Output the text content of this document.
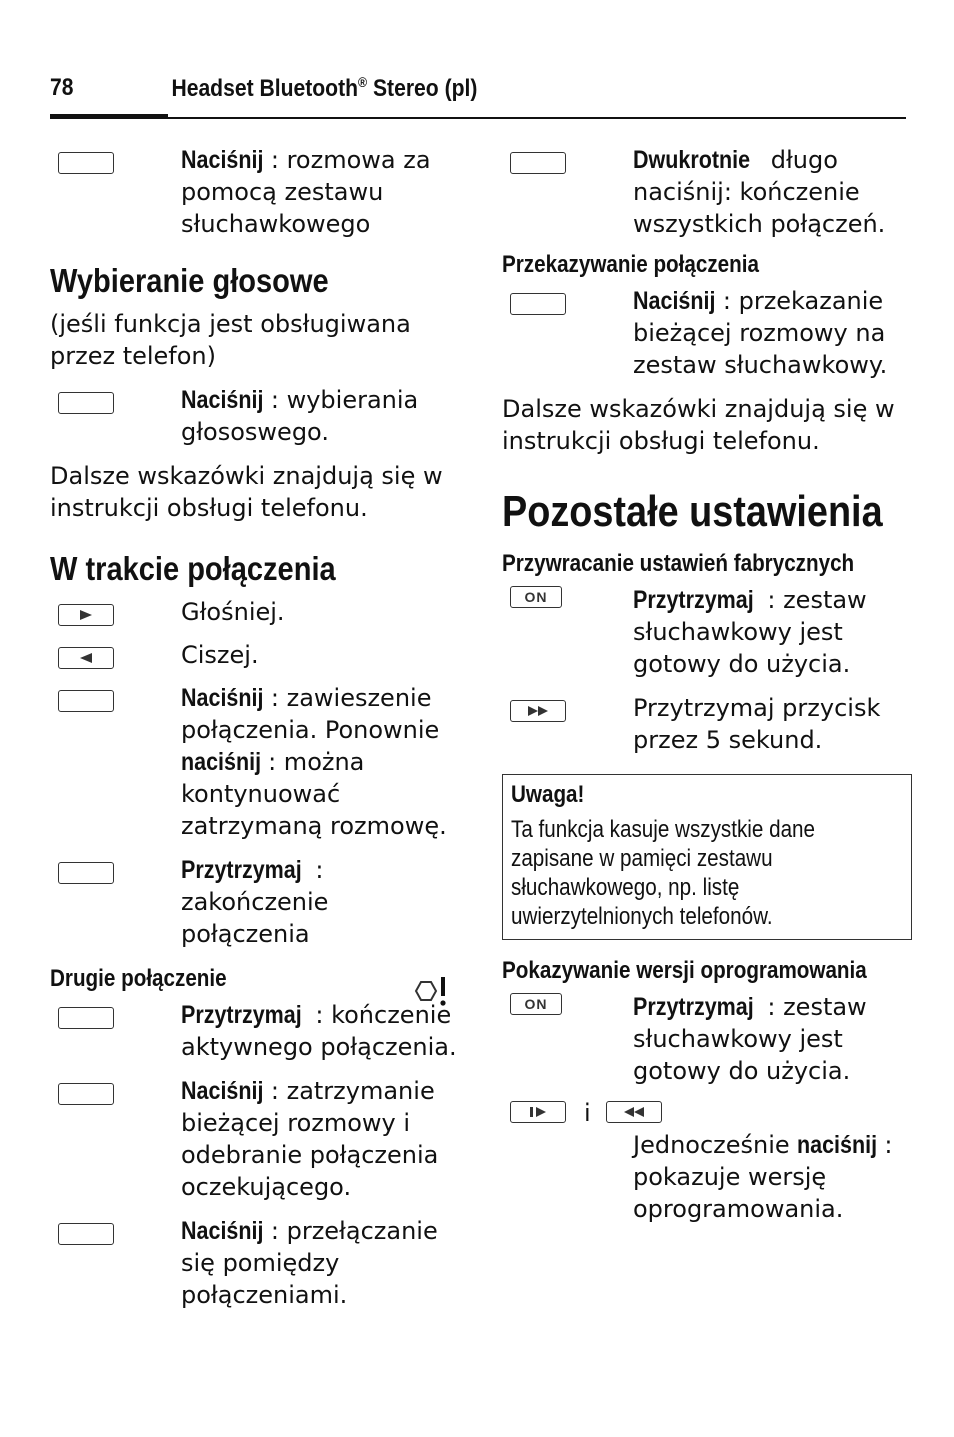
78	Headset Bluetooth® Stereo (pl)
Naciśnij : rozmowa za pomocą zestawu słuchawkowego
Wybieranie głosowe

(jeśli funkcja jest obsługiwana przez telefon)

Naciśnij : wybierania głososwego.

Dalsze wskazówki znajdują się w instrukcji obsługi telefonu.

W trakcie połączenia
Głośniej.
Ciszej.
Naciśnij : zawieszenie połączenia. Ponownie naciśnij : można kontynuować zatrzymaną rozmowę.
Przytrzymaj : zakończenie połączenia
Drugie połączenie
Przytrzymaj : kończenie aktywnego połączenia.
Naciśnij : zatrzymanie bieżącej rozmowy i odebranie połączenia oczekującego.
Naciśnij : przełączanie się pomiędzy połączeniami.
Dwukrotnie długo naciśnij: kończenie wszystkich połączeń.
Przekazywanie połączenia
Naciśnij : przekazanie bieżącej rozmowy na zestaw słuchawkowy.

Dalsze wskazówki znajdują się w instrukcji obsługi telefonu.

Pozostałe ustawienia
Przywracanie ustawień fabrycznych
ON	Przytrzymaj : zestaw słuchawkowy jest gotowy do użycia.
Przytrzymaj przycisk przez 5 sekund.
Uwaga!
Ta funkcja kasuje wszystkie dane zapisane w pamięci zestawu słuchawkowego, np. listę uwierzytelnionych telefonów.
Pokazywanie wersji oprogramowania
ON	Przytrzymaj : zestaw słuchawkowy jest gotowy do użycia.
i
Jednocześnie naciśnij : pokazuje wersję oprogramowania.
